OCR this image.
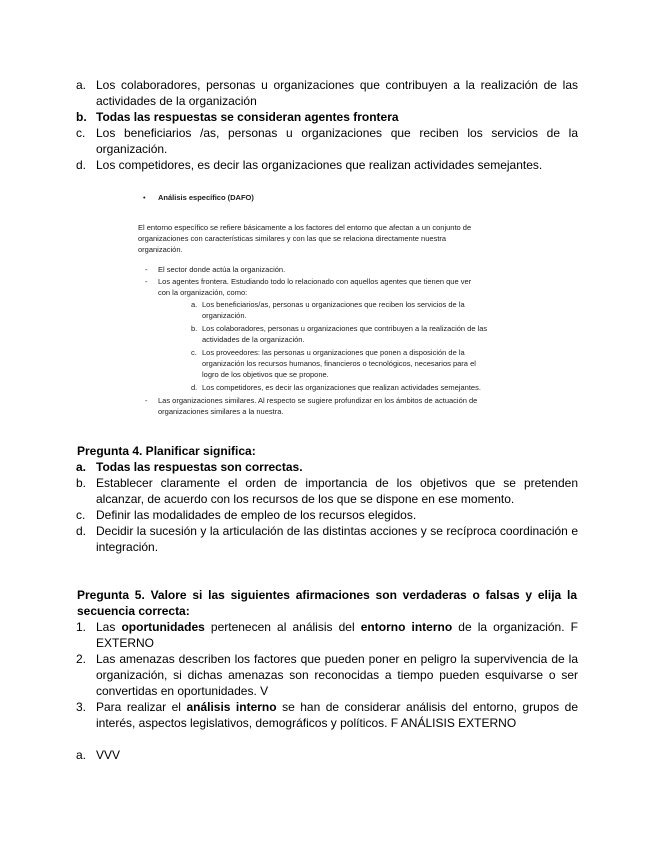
a. Los colaboradores, personas u organizaciones que contribuyen a la realización de las actividades de la organización
b. Todas las respuestas se consideran agentes frontera
c. Los beneficiarios /as, personas u organizaciones que reciben los servicios de la organización.
d. Los competidores, es decir las organizaciones que realizan actividades semejantes.
• Análisis específico (DAFO)
El entorno específico se refiere básicamente a los factores del entorno que afectan a un conjunto de
organizaciones con características similares y con las que se relaciona directamente nuestra
organización.
- El sector donde actúa la organización.
- Los agentes frontera. Estudiando todo lo relacionado con aquellos agentes que tienen que ver
con la organización, como:
a. Los beneficiarios/as, personas u organizaciones que reciben los servicios de la
organización.
b. Los colaboradores, personas u organizaciones que contribuyen a la realización de las
actividades de la organización.
c. Los proveedores: las personas u organizaciones que ponen a disposición de la
organización los recursos humanos, financieros o tecnológicos, necesarios para el
logro de los objetivos que se propone.
d. Los competidores, es decir las organizaciones que realizan actividades semejantes.
- Las organizaciones similares. Al respecto se sugiere profundizar en los ámbitos de actuación de
organizaciones similares a la nuestra.
Pregunta 4. Planificar significa:
a. Todas las respuestas son correctas.
b. Establecer claramente el orden de importancia de los objetivos que se pretenden alcanzar, de acuerdo con los recursos de los que se dispone en ese momento.
c. Definir las modalidades de empleo de los recursos elegidos.
d. Decidir la sucesión y la articulación de las distintas acciones y se recíproca coordinación e integración.
Pregunta 5. Valore si las siguientes afirmaciones son verdaderas o falsas y elija la secuencia correcta:
1. Las oportunidades pertenecen al análisis del entorno interno de la organización. F EXTERNO
2. Las amenazas describen los factores que pueden poner en peligro la supervivencia de la organización, si dichas amenazas son reconocidas a tiempo pueden esquivarse o ser convertidas en oportunidades. V
3. Para realizar el análisis interno se han de considerar análisis del entorno, grupos de interés, aspectos legislativos, demográficos y políticos. F ANÁLISIS EXTERNO
a. VVV
